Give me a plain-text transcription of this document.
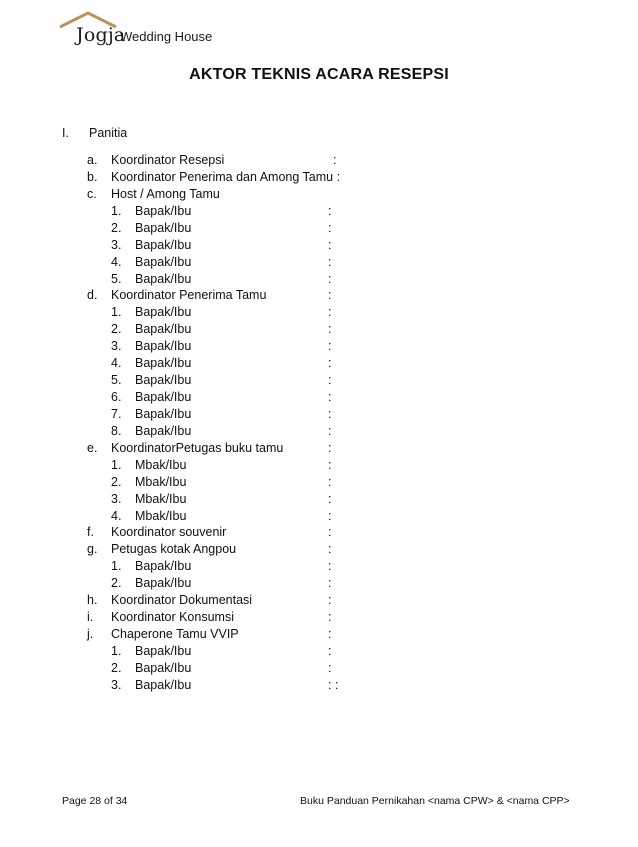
Jogja
Wedding House
AKTOR TEKNIS ACARA RESEPSI
I. Panitia
a. Koordinator Resepsi	:
b. Koordinator Penerima dan Among Tamu :
c. Host / Among Tamu
1. Bapak/Ibu	:
2. Bapak/Ibu	:
3. Bapak/Ibu	:
4. Bapak/Ibu	:
5. Bapak/Ibu	:
d. Koordinator Penerima Tamu	:
1. Bapak/Ibu	:
2. Bapak/Ibu	:
3. Bapak/Ibu	:
4. Bapak/Ibu	:
5. Bapak/Ibu	:
6. Bapak/Ibu	:
7. Bapak/Ibu	:
8. Bapak/Ibu	:
e. KoordinatorPetugas buku tamu	:
1. Mbak/Ibu	:
2. Mbak/Ibu	:
3. Mbak/Ibu	:
4. Mbak/Ibu	:
f. Koordinator souvenir	:
g. Petugas kotak Angpou	:
1. Bapak/Ibu	:
2. Bapak/Ibu	:
h. Koordinator Dokumentasi	:
i. Koordinator Konsumsi	:
j. Chaperone Tamu VVIP	:
1. Bapak/Ibu	:
2. Bapak/Ibu	:
3. Bapak/Ibu	: :
Page 28 of 34	Buku Panduan Pernikahan <nama CPW> & <nama CPP>
